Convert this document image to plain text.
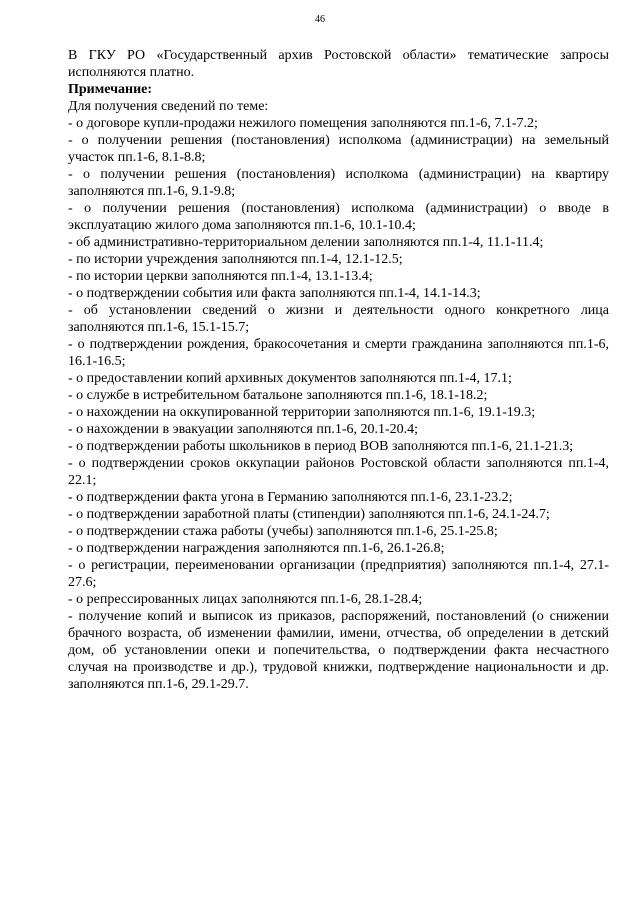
46

В ГКУ РО «Государственный архив Ростовской области» тематические запросы исполняются платно.

Примечание:

Для получения сведений по теме:

- о договоре купли-продажи нежилого помещения заполняются пп.1-6, 7.1-7.2;

- о получении решения (постановления) исполкома (администрации) на земельный участок пп.1-6, 8.1-8.8;

- о получении решения (постановления) исполкома (администрации) на квартиру заполняются пп.1-6, 9.1-9.8;

- о получении решения (постановления) исполкома (администрации) о вводе в эксплуатацию жилого дома заполняются пп.1-6, 10.1-10.4;

- об административно-территориальном делении заполняются пп.1-4, 11.1-11.4;

- по истории учреждения заполняются пп.1-4, 12.1-12.5;

- по истории церкви заполняются пп.1-4, 13.1-13.4;

- о подтверждении события или факта заполняются пп.1-4, 14.1-14.3;

- об установлении сведений о жизни и деятельности одного конкретного лица заполняются пп.1-6, 15.1-15.7;

- о подтверждении рождения, бракосочетания и смерти гражданина заполняются пп.1-6, 16.1-16.5;

- о предоставлении копий архивных документов заполняются пп.1-4, 17.1;

- о службе в истребительном батальоне заполняются пп.1-6, 18.1-18.2;

- о нахождении на оккупированной территории заполняются пп.1-6, 19.1-19.3;

- о нахождении в эвакуации заполняются пп.1-6, 20.1-20.4;

- о подтверждении работы школьников в период ВОВ заполняются пп.1-6, 21.1-21.3;

- о подтверждении сроков оккупации районов Ростовской области заполняются пп.1-4, 22.1;

- о подтверждении факта угона в Германию заполняются пп.1-6, 23.1-23.2;

- о подтверждении заработной платы (стипендии) заполняются пп.1-6, 24.1-24.7;

- о подтверждении стажа работы (учебы) заполняются пп.1-6, 25.1-25.8;

- о подтверждении награждения заполняются пп.1-6, 26.1-26.8;

- о регистрации, переименовании организации (предприятия) заполняются пп.1-4, 27.1-27.6;

- о репрессированных лицах заполняются пп.1-6, 28.1-28.4;

- получение копий и выписок из приказов, распоряжений, постановлений (о снижении брачного возраста, об изменении фамилии, имени, отчества, об определении в детский дом, об установлении опеки и попечительства, о подтверждении факта несчастного случая на производстве и др.), трудовой книжки, подтверждение национальности и др. заполняются пп.1-6, 29.1-29.7.
